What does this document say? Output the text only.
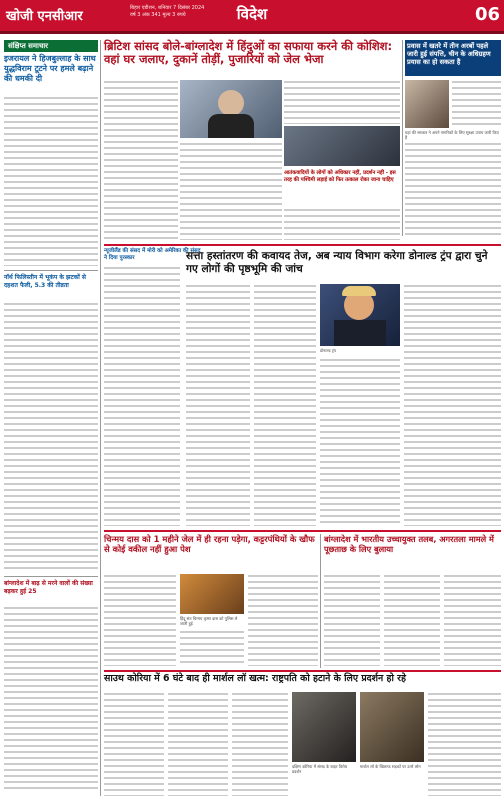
खोजी एनसीआर
बिहार एडीशन, शनिवार 7 दिसंबर 2024
वर्ष 3 अंक 341 मूल्य 3 रुपये	विदेश	06
संक्षिप्त समाचार
इजरायल ने हिजबुल्लाह के साथ युद्धविराम टूटने पर हमले बढ़ाने की धमकी दी
नॉर्थ फिलिस्तीन में भूकंप के झटकों से दहशत फैली, 5.3 की तीव्रता
बांग्लादेश में बाढ़ से मरने वालों की संख्या बढ़कर हुई 25
ब्रिटिश सांसद बोले-बांग्लादेश में हिंदुओं का सफाया करने की कोशिश: वहां घर जलाए, दुकानें तोड़ीं, पुजारियों को जेल भेजा
आतंकवादियों के लोगों को अधिकार नहीं, प्रदर्शन नहीं - इस तरह की पश्चिमी लड़ाई को फिर तत्काल रोका जाना चाहिए
प्रवास में खतरे में तीन अरबों पहले जारी हुई संपत्ति, चीन के अधिग्रहण प्रयास का हो सकता है
यहां की सरकार ने अपने नागरिकों के लिए सुरक्षा उपाय जारी किए हैं
न्यूजीलैंड की संसद में मोरी को अमेरिका की संसद ने दिया पुरस्कार	सत्ता हस्तांतरण की कवायद तेज, अब न्याय विभाग करेगा डोनाल्ड ट्रंप द्वारा चुने गए लोगों की पृष्ठभूमि की जांच
डोनाल्ड ट्रंप
चिन्मय दास को 1 महीने जेल में ही रहना पड़ेगा, कट्टरपंथियों के खौफ से कोई वकील नहीं हुआ पेश
हिंदू संत चिन्मय कृष्ण दास को पुलिस ले जाती हुई
बांग्लादेश में भारतीय उच्चायुक्त तलब, अगरतला मामले में पूछताछ के लिए बुलाया
साउथ कोरिया में 6 घंटे बाद ही मार्शल लॉ खत्म: राष्ट्रपति को हटाने के लिए प्रदर्शन हो रहे
दक्षिण कोरिया में संसद के बाहर विरोध प्रदर्शन
मार्शल लॉ के खिलाफ सड़कों पर उतरे लोग
